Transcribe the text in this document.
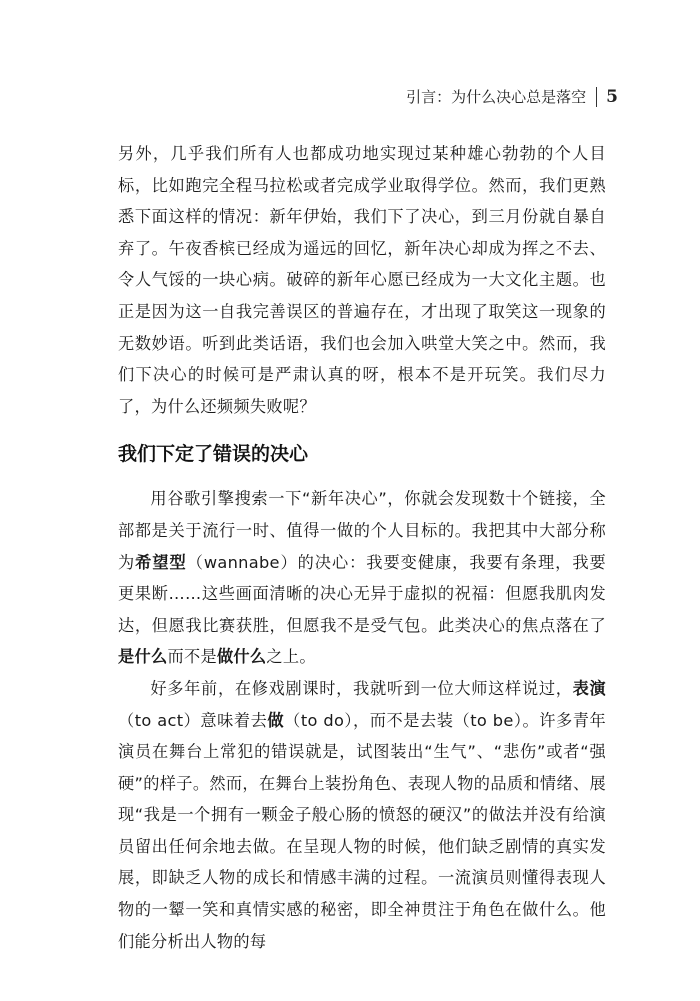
引言：为什么决心总是落空 5

另外，几乎我们所有人也都成功地实现过某种雄心勃勃的个人目标，比如跑完全程马拉松或者完成学业取得学位。然而，我们更熟悉下面这样的情况：新年伊始，我们下了决心，到三月份就自暴自弃了。午夜香槟已经成为遥远的回忆，新年决心却成为挥之不去、令人气馁的一块心病。破碎的新年心愿已经成为一大文化主题。也正是因为这一自我完善误区的普遍存在，才出现了取笑这一现象的无数妙语。听到此类话语，我们也会加入哄堂大笑之中。然而，我们下决心的时候可是严肃认真的呀，根本不是开玩笑。我们尽力了，为什么还频频失败呢？

我们下定了错误的决心

用谷歌引擎搜索一下“新年决心”，你就会发现数十个链接，全部都是关于流行一时、值得一做的个人目标的。我把其中大部分称为希望型（wannabe）的决心：我要变健康，我要有条理，我要更果断……这些画面清晰的决心无异于虚拟的祝福：但愿我肌肉发达，但愿我比赛获胜，但愿我不是受气包。此类决心的焦点落在了是什么而不是做什么之上。

好多年前，在修戏剧课时，我就听到一位大师这样说过，表演（to act）意味着去做（to do），而不是去装（to be）。许多青年演员在舞台上常犯的错误就是，试图装出“生气”、“悲伤”或者“强硬”的样子。然而，在舞台上装扮角色、表现人物的品质和情绪、展现“我是一个拥有一颗金子般心肠的愤怒的硬汉”的做法并没有给演员留出任何余地去做。在呈现人物的时候，他们缺乏剧情的真实发展，即缺乏人物的成长和情感丰满的过程。一流演员则懂得表现人物的一颦一笑和真情实感的秘密，即全神贯注于角色在做什么。他们能分析出人物的每
